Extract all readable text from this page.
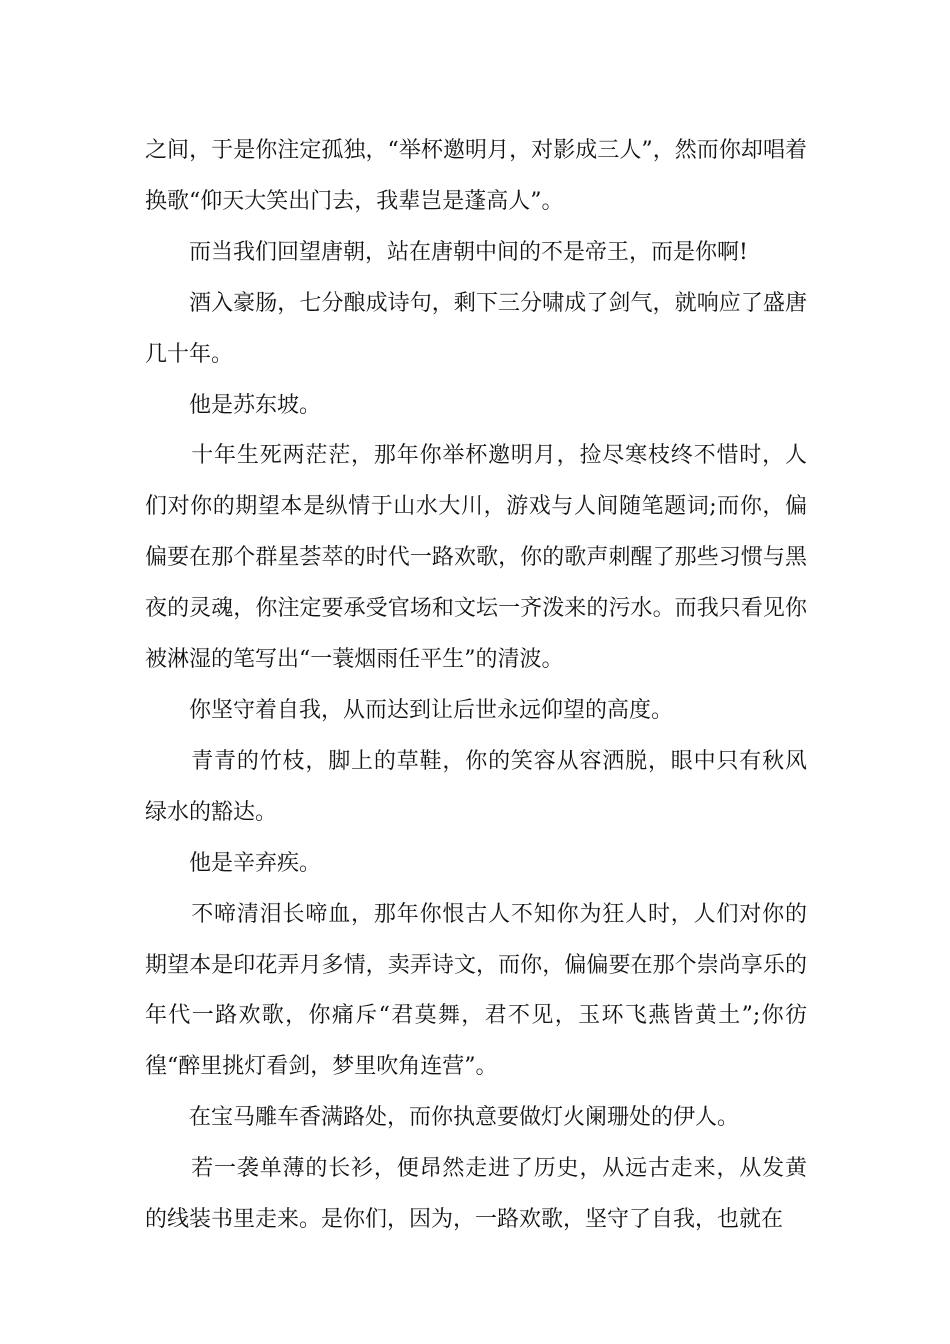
之间，于是你注定孤独，“举杯邀明月，对影成三人”，然而你却唱着换歌“仰天大笑出门去，我辈岂是蓬高人”。

而当我们回望唐朝，站在唐朝中间的不是帝王，而是你啊!

酒入豪肠，七分酿成诗句，剩下三分啸成了剑气，就响应了盛唐几十年。

他是苏东坡。

十年生死两茫茫，那年你举杯邀明月，捡尽寒枝终不惜时，人们对你的期望本是纵情于山水大川，游戏与人间随笔题词;而你，偏偏要在那个群星荟萃的时代一路欢歌，你的歌声刺醒了那些习惯与黑夜的灵魂，你注定要承受官场和文坛一齐泼来的污水。而我只看见你被淋湿的笔写出“一蓑烟雨任平生”的清波。

你坚守着自我，从而达到让后世永远仰望的高度。

青青的竹枝，脚上的草鞋，你的笑容从容洒脱，眼中只有秋风绿水的豁达。

他是辛弃疾。

不啼清泪长啼血，那年你恨古人不知你为狂人时，人们对你的期望本是印花弄月多情，卖弄诗文，而你，偏偏要在那个崇尚享乐的年代一路欢歌，你痛斥“君莫舞，君不见，玉环飞燕皆黄土”;你彷徨“醉里挑灯看剑，梦里吹角连营”。

在宝马雕车香满路处，而你执意要做灯火阑珊处的伊人。

若一袭单薄的长衫，便昂然走进了历史，从远古走来，从发黄的线装书里走来。是你们，因为，一路欢歌，坚守了自我，也就在
